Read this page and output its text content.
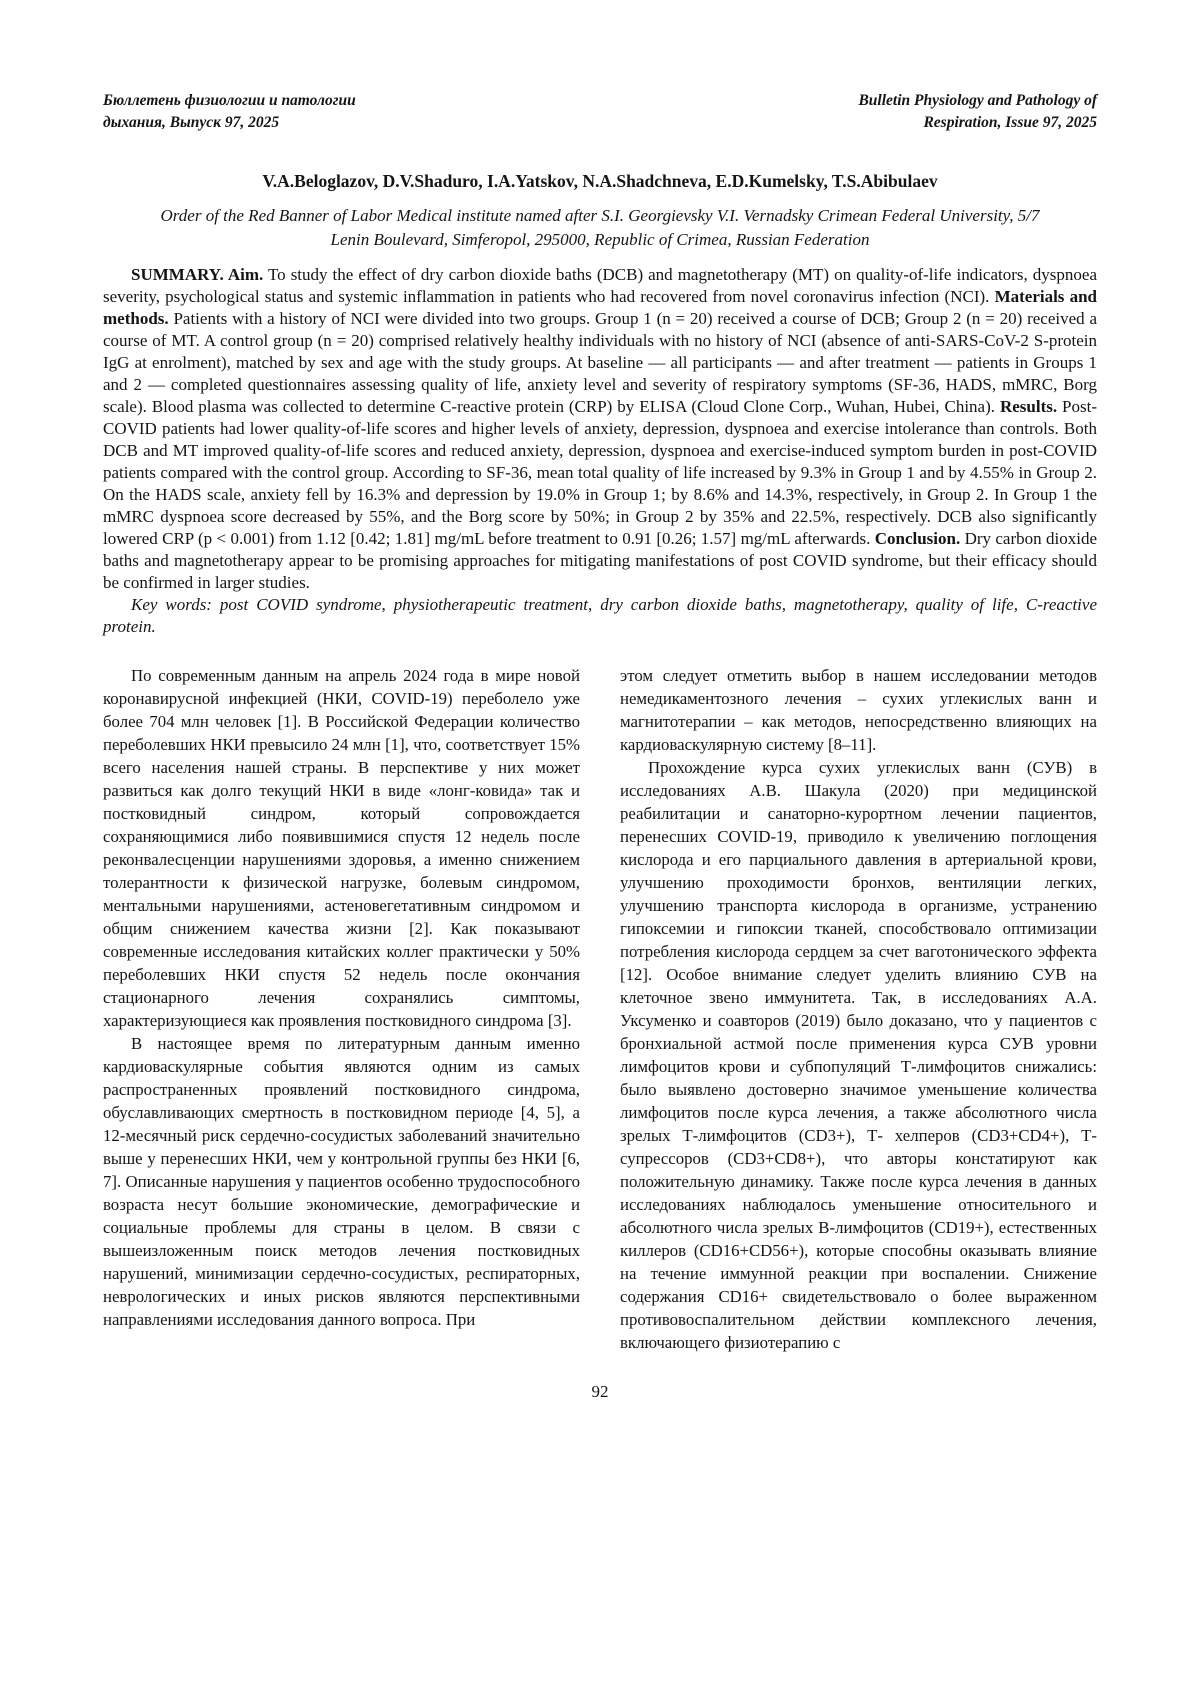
Бюллетень физиологии и патологии
дыхания, Выпуск 97, 2025
Bulletin Physiology and Pathology of
Respiration, Issue 97, 2025
V.A.Beloglazov, D.V.Shaduro, I.A.Yatskov, N.A.Shadchneva, E.D.Kumelsky, T.S.Abibulaev
Order of the Red Banner of Labor Medical institute named after S.I. Georgievsky V.I. Vernadsky Crimean Federal University, 5/7 Lenin Boulevard, Simferopol, 295000, Republic of Crimea, Russian Federation

SUMMARY. Aim. To study the effect of dry carbon dioxide baths (DCB) and magnetotherapy (MT) on quality-of-life indicators, dyspnoea severity, psychological status and systemic inflammation in patients who had recovered from novel coronavirus infection (NCI). Materials and methods. Patients with a history of NCI were divided into two groups. Group 1 (n = 20) received a course of DCB; Group 2 (n = 20) received a course of MT. A control group (n = 20) comprised relatively healthy individuals with no history of NCI (absence of anti-SARS-CoV-2 S-protein IgG at enrolment), matched by sex and age with the study groups. At baseline — all participants — and after treatment — patients in Groups 1 and 2 — completed questionnaires assessing quality of life, anxiety level and severity of respiratory symptoms (SF-36, HADS, mMRC, Borg scale). Blood plasma was collected to determine C-reactive protein (CRP) by ELISA (Cloud Clone Corp., Wuhan, Hubei, China). Results. Post-COVID patients had lower quality-of-life scores and higher levels of anxiety, depression, dyspnoea and exercise intolerance than controls. Both DCB and MT improved quality-of-life scores and reduced anxiety, depression, dyspnoea and exercise-induced symptom burden in post-COVID patients compared with the control group. According to SF-36, mean total quality of life increased by 9.3% in Group 1 and by 4.55% in Group 2. On the HADS scale, anxiety fell by 16.3% and depression by 19.0% in Group 1; by 8.6% and 14.3%, respectively, in Group 2. In Group 1 the mMRC dyspnoea score decreased by 55%, and the Borg score by 50%; in Group 2 by 35% and 22.5%, respectively. DCB also significantly lowered CRP (p < 0.001) from 1.12 [0.42; 1.81] mg/mL before treatment to 0.91 [0.26; 1.57] mg/mL afterwards. Conclusion. Dry carbon dioxide baths and magnetotherapy appear to be promising approaches for mitigating manifestations of post COVID syndrome, but their efficacy should be confirmed in larger studies.

Key words: post COVID syndrome, physiotherapeutic treatment, dry carbon dioxide baths, magnetotherapy, quality of life, C-reactive protein.

По современным данным на апрель 2024 года в мире новой коронавирусной инфекцией (НКИ, COVID-19) переболело уже более 704 млн человек [1]. В Российской Федерации количество переболевших НКИ превысило 24 млн [1], что, соответствует 15% всего населения нашей страны. В перспективе у них может развиться как долго текущий НКИ в виде «лонг-ковида» так и постковидный синдром, который сопровождается сохраняющимися либо появившимися спустя 12 недель после реконвалесценции нарушениями здоровья, а именно снижением толерантности к физической нагрузке, болевым синдромом, ментальными нарушениями, астеновегетативным синдромом и общим снижением качества жизни [2]. Как показывают современные исследования китайских коллег практически у 50% переболевших НКИ спустя 52 недель после окончания стационарного лечения сохранялись симптомы, характеризующиеся как проявления постковидного синдрома [3].

В настоящее время по литературным данным именно кардиоваскулярные события являются одним из самых распространенных проявлений постковидного синдрома, обуславливающих смертность в постковидном периоде [4, 5], а 12-месячный риск сердечно-сосудистых заболеваний значительно выше у перенесших НКИ, чем у контрольной группы без НКИ [6, 7]. Описанные нарушения у пациентов особенно трудоспособного возраста несут большие экономические, демографические и социальные проблемы для страны в целом. В связи с вышеизложенным поиск методов лечения постковидных нарушений, минимизации сердечно-сосудистых, респираторных, неврологических и иных рисков являются перспективными направлениями исследования данного вопроса. При

этом следует отметить выбор в нашем исследовании методов немедикаментозного лечения – сухих углекислых ванн и магнитотерапии – как методов, непосредственно влияющих на кардиоваскулярную систему [8–11].

Прохождение курса сухих углекислых ванн (СУВ) в исследованиях А.В. Шакула (2020) при медицинской реабилитации и санаторно-курортном лечении пациентов, перенесших COVID-19, приводило к увеличению поглощения кислорода и его парциального давления в артериальной крови, улучшению проходимости бронхов, вентиляции легких, улучшению транспорта кислорода в организме, устранению гипоксемии и гипоксии тканей, способствовало оптимизации потребления кислорода сердцем за счет ваготонического эффекта [12]. Особое внимание следует уделить влиянию СУВ на клеточное звено иммунитета. Так, в исследованиях А.А. Уксуменко и соавторов (2019) было доказано, что у пациентов с бронхиальной астмой после применения курса СУВ уровни лимфоцитов крови и субпопуляций Т-лимфоцитов снижались: было выявлено достоверно значимое уменьшение количества лимфоцитов после курса лечения, а также абсолютного числа зрелых Т-лимфоцитов (CD3+), Т- хелперов (CD3+CD4+), Т-супрессоров (CD3+CD8+), что авторы констатируют как положительную динамику. Также после курса лечения в данных исследованиях наблюдалось уменьшение относительного и абсолютного числа зрелых В-лимфоцитов (CD19+), естественных киллеров (CD16+CD56+), которые способны оказывать влияние на течение иммунной реакции при воспалении. Снижение содержания CD16+ свидетельствовало о более выраженном противовоспалительном действии комплексного лечения, включающего физиотерапию с

92
